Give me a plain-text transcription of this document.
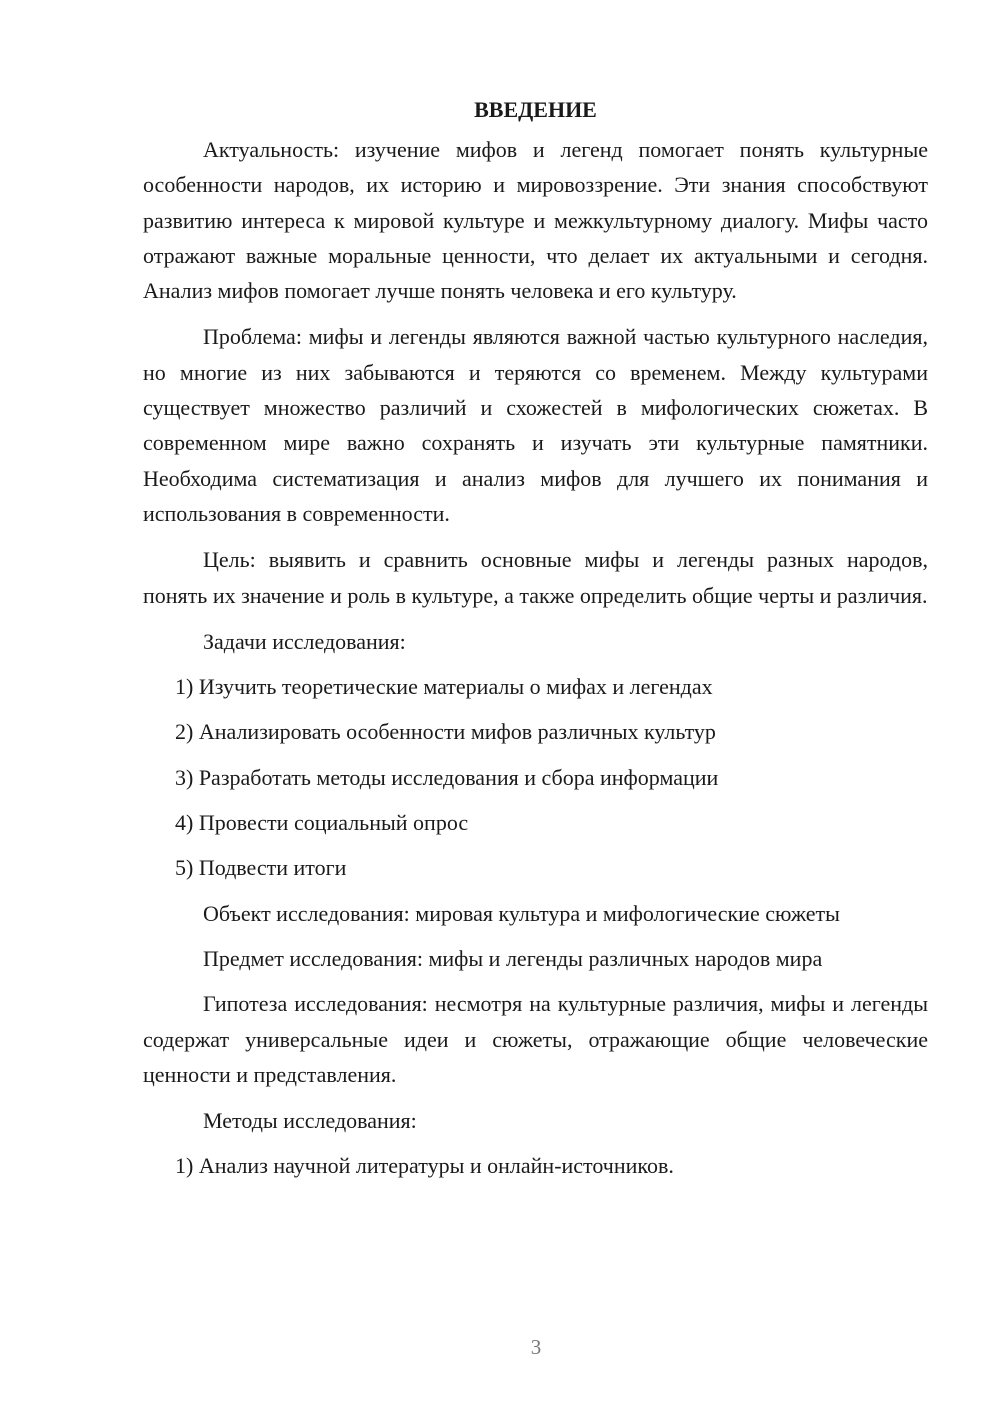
ВВЕДЕНИЕ

Актуальность: изучение мифов и легенд помогает понять культурные особенности народов, их историю и мировоззрение. Эти знания способствуют развитию интереса к мировой культуре и межкультурному диалогу. Мифы часто отражают важные моральные ценности, что делает их актуальными и сегодня. Анализ мифов помогает лучше понять человека и его культуру.

Проблема: мифы и легенды являются важной частью культурного наследия, но многие из них забываются и теряются со временем. Между культурами существует множество различий и схожестей в мифологических сюжетах. В современном мире важно сохранять и изучать эти культурные памятники. Необходима систематизация и анализ мифов для лучшего их понимания и использования в современности.

Цель: выявить и сравнить основные мифы и легенды разных народов, понять их значение и роль в культуре, а также определить общие черты и различия.

Задачи исследования:

1) Изучить теоретические материалы о мифах и легендах

2) Анализировать особенности мифов различных культур

3) Разработать методы исследования и сбора информации

4) Провести социальный опрос

5) Подвести итоги

Объект исследования: мировая культура и мифологические сюжеты

Предмет исследования: мифы и легенды различных народов мира

Гипотеза исследования: несмотря на культурные различия, мифы и легенды содержат универсальные идеи и сюжеты, отражающие общие человеческие ценности и представления.

Методы исследования:

1) Анализ научной литературы и онлайн-источников.

3
